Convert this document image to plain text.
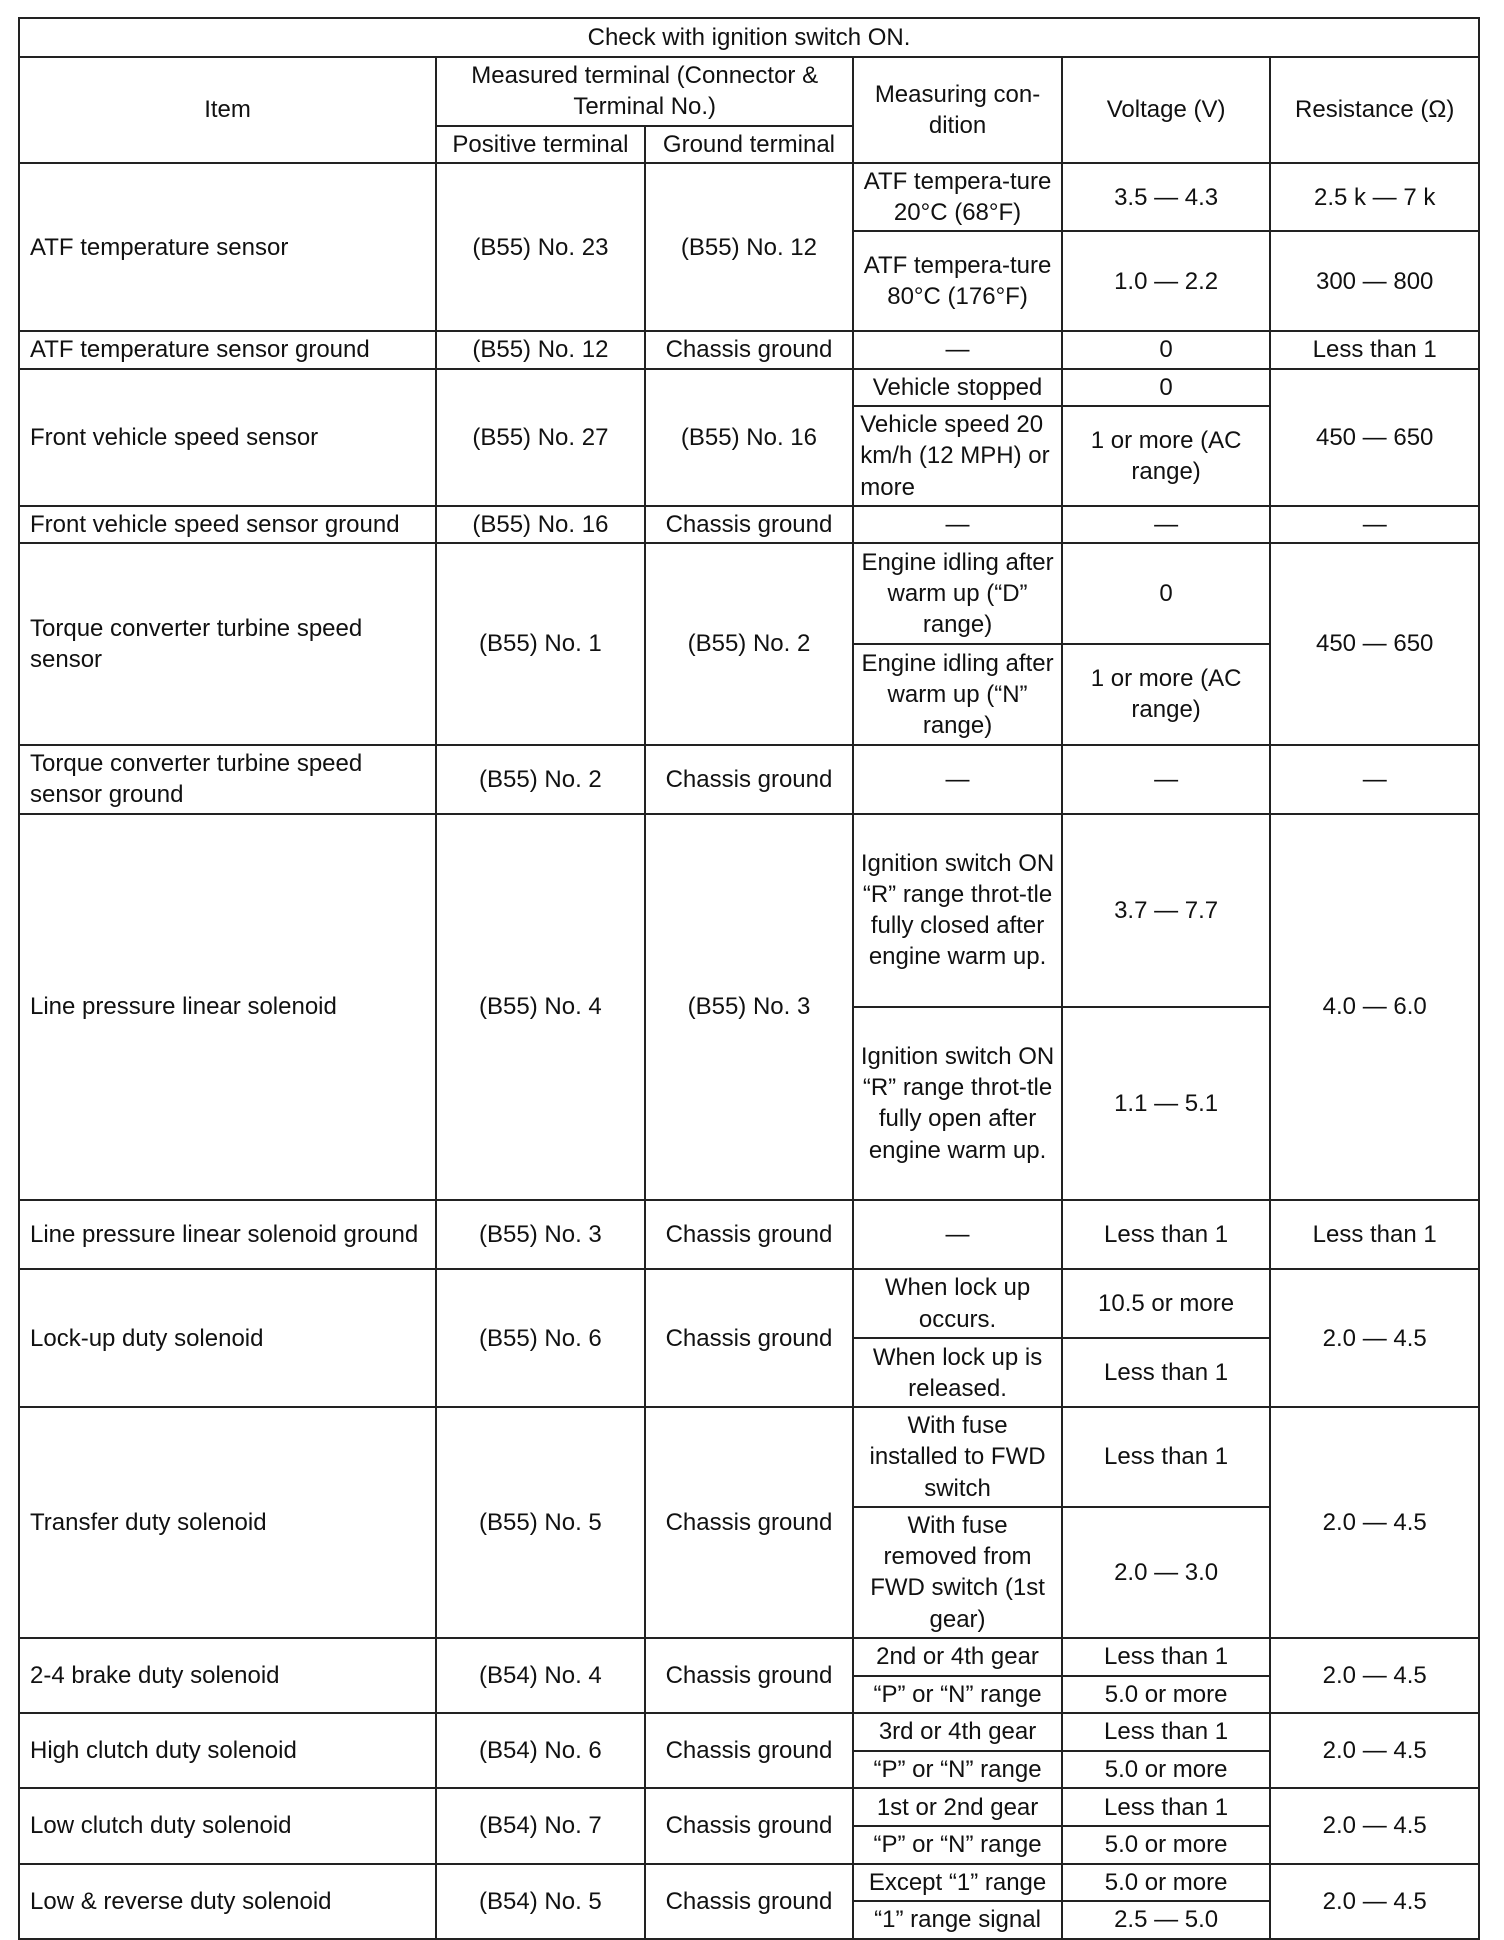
Check with ignition switch ON.					
Item	Measured terminal (Connector & Terminal No.)		Measuring con-dition	Voltage (V)	Resistance (Ω)
	Positive terminal	Ground terminal			
ATF temperature sensor	(B55) No. 23	(B55) No. 12	ATF tempera-ture 20°C (68°F)	3.5 — 4.3	2.5 k — 7 k
			ATF tempera-ture 80°C (176°F)	1.0 — 2.2	300 — 800
ATF temperature sensor ground	(B55) No. 12	Chassis ground	—	0	Less than 1
Front vehicle speed sensor	(B55) No. 27	(B55) No. 16	Vehicle stopped	0	450 — 650
			Vehicle speed 20 km/h (12 MPH) or more	1 or more (AC range)	
Front vehicle speed sensor ground	(B55) No. 16	Chassis ground	—	—	—
Torque converter turbine speed sensor	(B55) No. 1	(B55) No. 2	Engine idling after warm up (“D” range)	0	450 — 650
			Engine idling after warm up (“N” range)	1 or more (AC range)	
Torque converter turbine speed sensor ground	(B55) No. 2	Chassis ground	—	—	—
Line pressure linear solenoid	(B55) No. 4	(B55) No. 3	Ignition switch ON “R” range throt-tle fully closed after engine warm up.	3.7 — 7.7	4.0 — 6.0
			Ignition switch ON “R” range throt-tle fully open after engine warm up.	1.1 — 5.1	
Line pressure linear solenoid ground	(B55) No. 3	Chassis ground	—	Less than 1	Less than 1
Lock-up duty solenoid	(B55) No. 6	Chassis ground	When lock up occurs.	10.5 or more	2.0 — 4.5
			When lock up is released.	Less than 1	
Transfer duty solenoid	(B55) No. 5	Chassis ground	With fuse installed to FWD switch	Less than 1	2.0 — 4.5
			With fuse removed from FWD switch (1st gear)	2.0 — 3.0	
2-4 brake duty solenoid	(B54) No. 4	Chassis ground	2nd or 4th gear	Less than 1	2.0 — 4.5
			“P” or “N” range	5.0 or more	
High clutch duty solenoid	(B54) No. 6	Chassis ground	3rd or 4th gear	Less than 1	2.0 — 4.5
			“P” or “N” range	5.0 or more	
Low clutch duty solenoid	(B54) No. 7	Chassis ground	1st or 2nd gear	Less than 1	2.0 — 4.5
			“P” or “N” range	5.0 or more	
Low & reverse duty solenoid	(B54) No. 5	Chassis ground	Except “1” range	5.0 or more	2.0 — 4.5
			“1” range signal	2.5 — 5.0	
